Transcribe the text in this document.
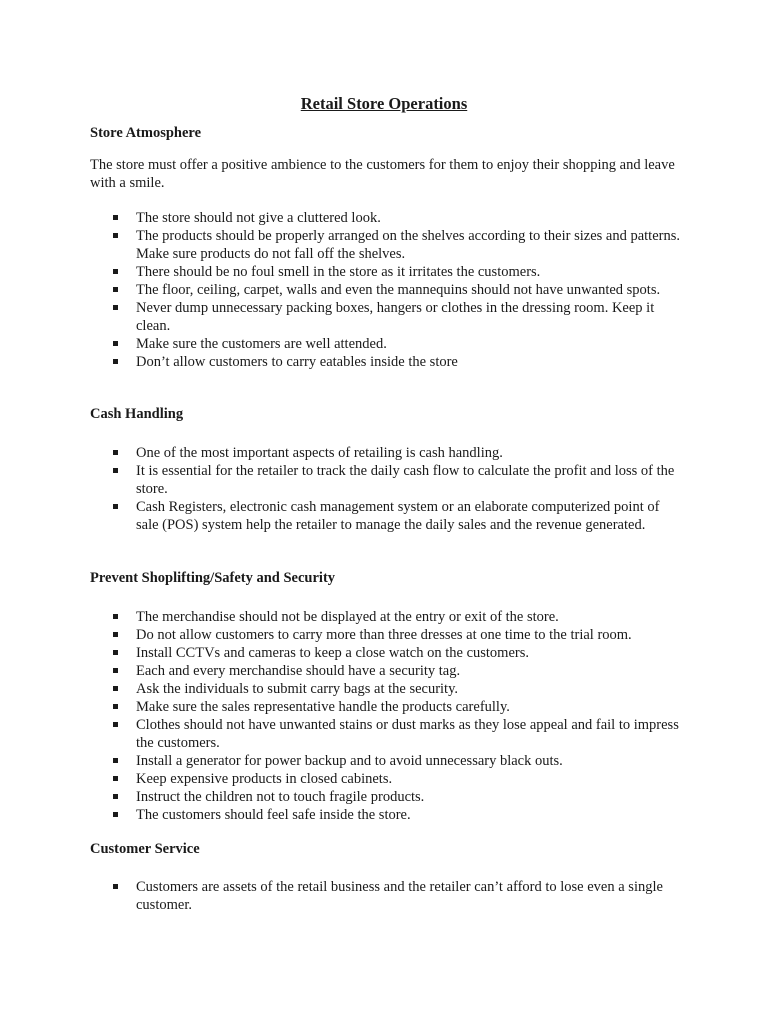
Retail Store Operations
Store Atmosphere
The store must offer a positive ambience to the customers for them to enjoy their shopping and leave with a smile.
The store should not give a cluttered look.
The products should be properly arranged on the shelves according to their sizes and patterns. Make sure products do not fall off the shelves.
There should be no foul smell in the store as it irritates the customers.
The floor, ceiling, carpet, walls and even the mannequins should not have unwanted spots.
Never dump unnecessary packing boxes, hangers or clothes in the dressing room. Keep it clean.
Make sure the customers are well attended.
Don’t allow customers to carry eatables inside the store
Cash Handling
One of the most important aspects of retailing is cash handling.
It is essential for the retailer to track the daily cash flow to calculate the profit and loss of the store.
Cash Registers, electronic cash management system or an elaborate computerized point of sale (POS) system help the retailer to manage the daily sales and the revenue generated.
Prevent Shoplifting/Safety and Security
The merchandise should not be displayed at the entry or exit of the store.
Do not allow customers to carry more than three dresses at one time to the trial room.
Install CCTVs and cameras to keep a close watch on the customers.
Each and every merchandise should have a security tag.
Ask the individuals to submit carry bags at the security.
Make sure the sales representative handle the products carefully.
Clothes should not have unwanted stains or dust marks as they lose appeal and fail to impress the customers.
Install a generator for power backup and to avoid unnecessary black outs.
Keep expensive products in closed cabinets.
Instruct the children not to touch fragile products.
The customers should feel safe inside the store.
Customer Service
Customers are assets of the retail business and the retailer can’t afford to lose even a single customer.
